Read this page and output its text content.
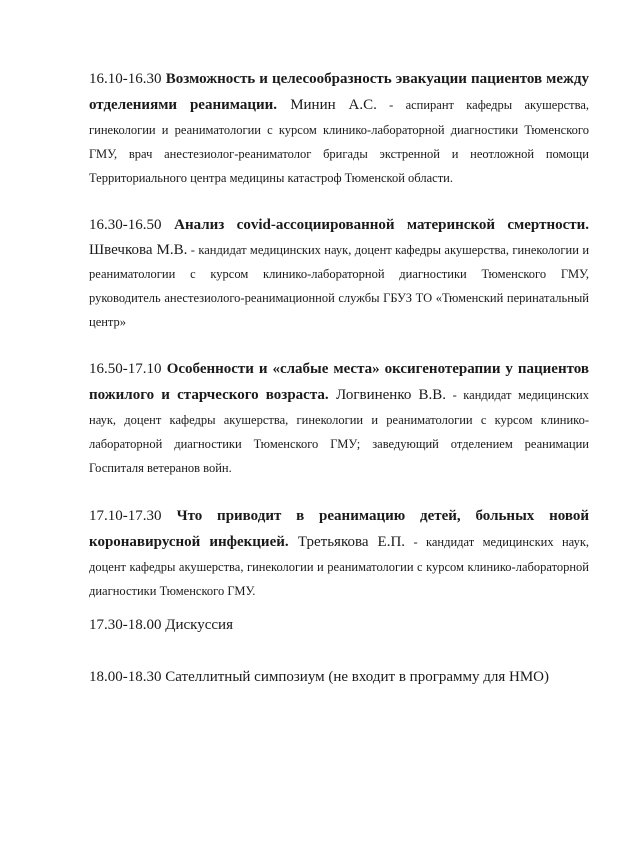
16.10-16.30 Возможность и целесообразность эвакуации пациентов между отделениями реанимации. Минин А.С. - аспирант кафедры акушерства, гинекологии и реаниматологии с курсом клинико-лабораторной диагностики Тюменского ГМУ, врач анестезиолог-реаниматолог бригады экстренной и неотложной помощи Территориального центра медицины катастроф Тюменской области.

16.30-16.50 Анализ covid-ассоциированной материнской смертности. Швечкова М.В. - кандидат медицинских наук, доцент кафедры акушерства, гинекологии и реаниматологии с курсом клинико-лабораторной диагностики Тюменского ГМУ, руководитель анестезиолого-реанимационной службы ГБУЗ ТО «Тюменский перинатальный центр»

16.50-17.10 Особенности и «слабые места» оксигенотерапии у пациентов пожилого и старческого возраста. Логвиненко В.В. - кандидат медицинских наук, доцент кафедры акушерства, гинекологии и реаниматологии с курсом клинико-лабораторной диагностики Тюменского ГМУ; заведующий отделением реанимации Госпиталя ветеранов войн.

17.10-17.30 Что приводит в реанимацию детей, больных новой коронавирусной инфекцией. Третьякова Е.П. - кандидат медицинских наук, доцент кафедры акушерства, гинекологии и реаниматологии с курсом клинико-лабораторной диагностики Тюменского ГМУ.

17.30-18.00 Дискуссия

18.00-18.30 Сателлитный симпозиум (не входит в программу для НМО)
